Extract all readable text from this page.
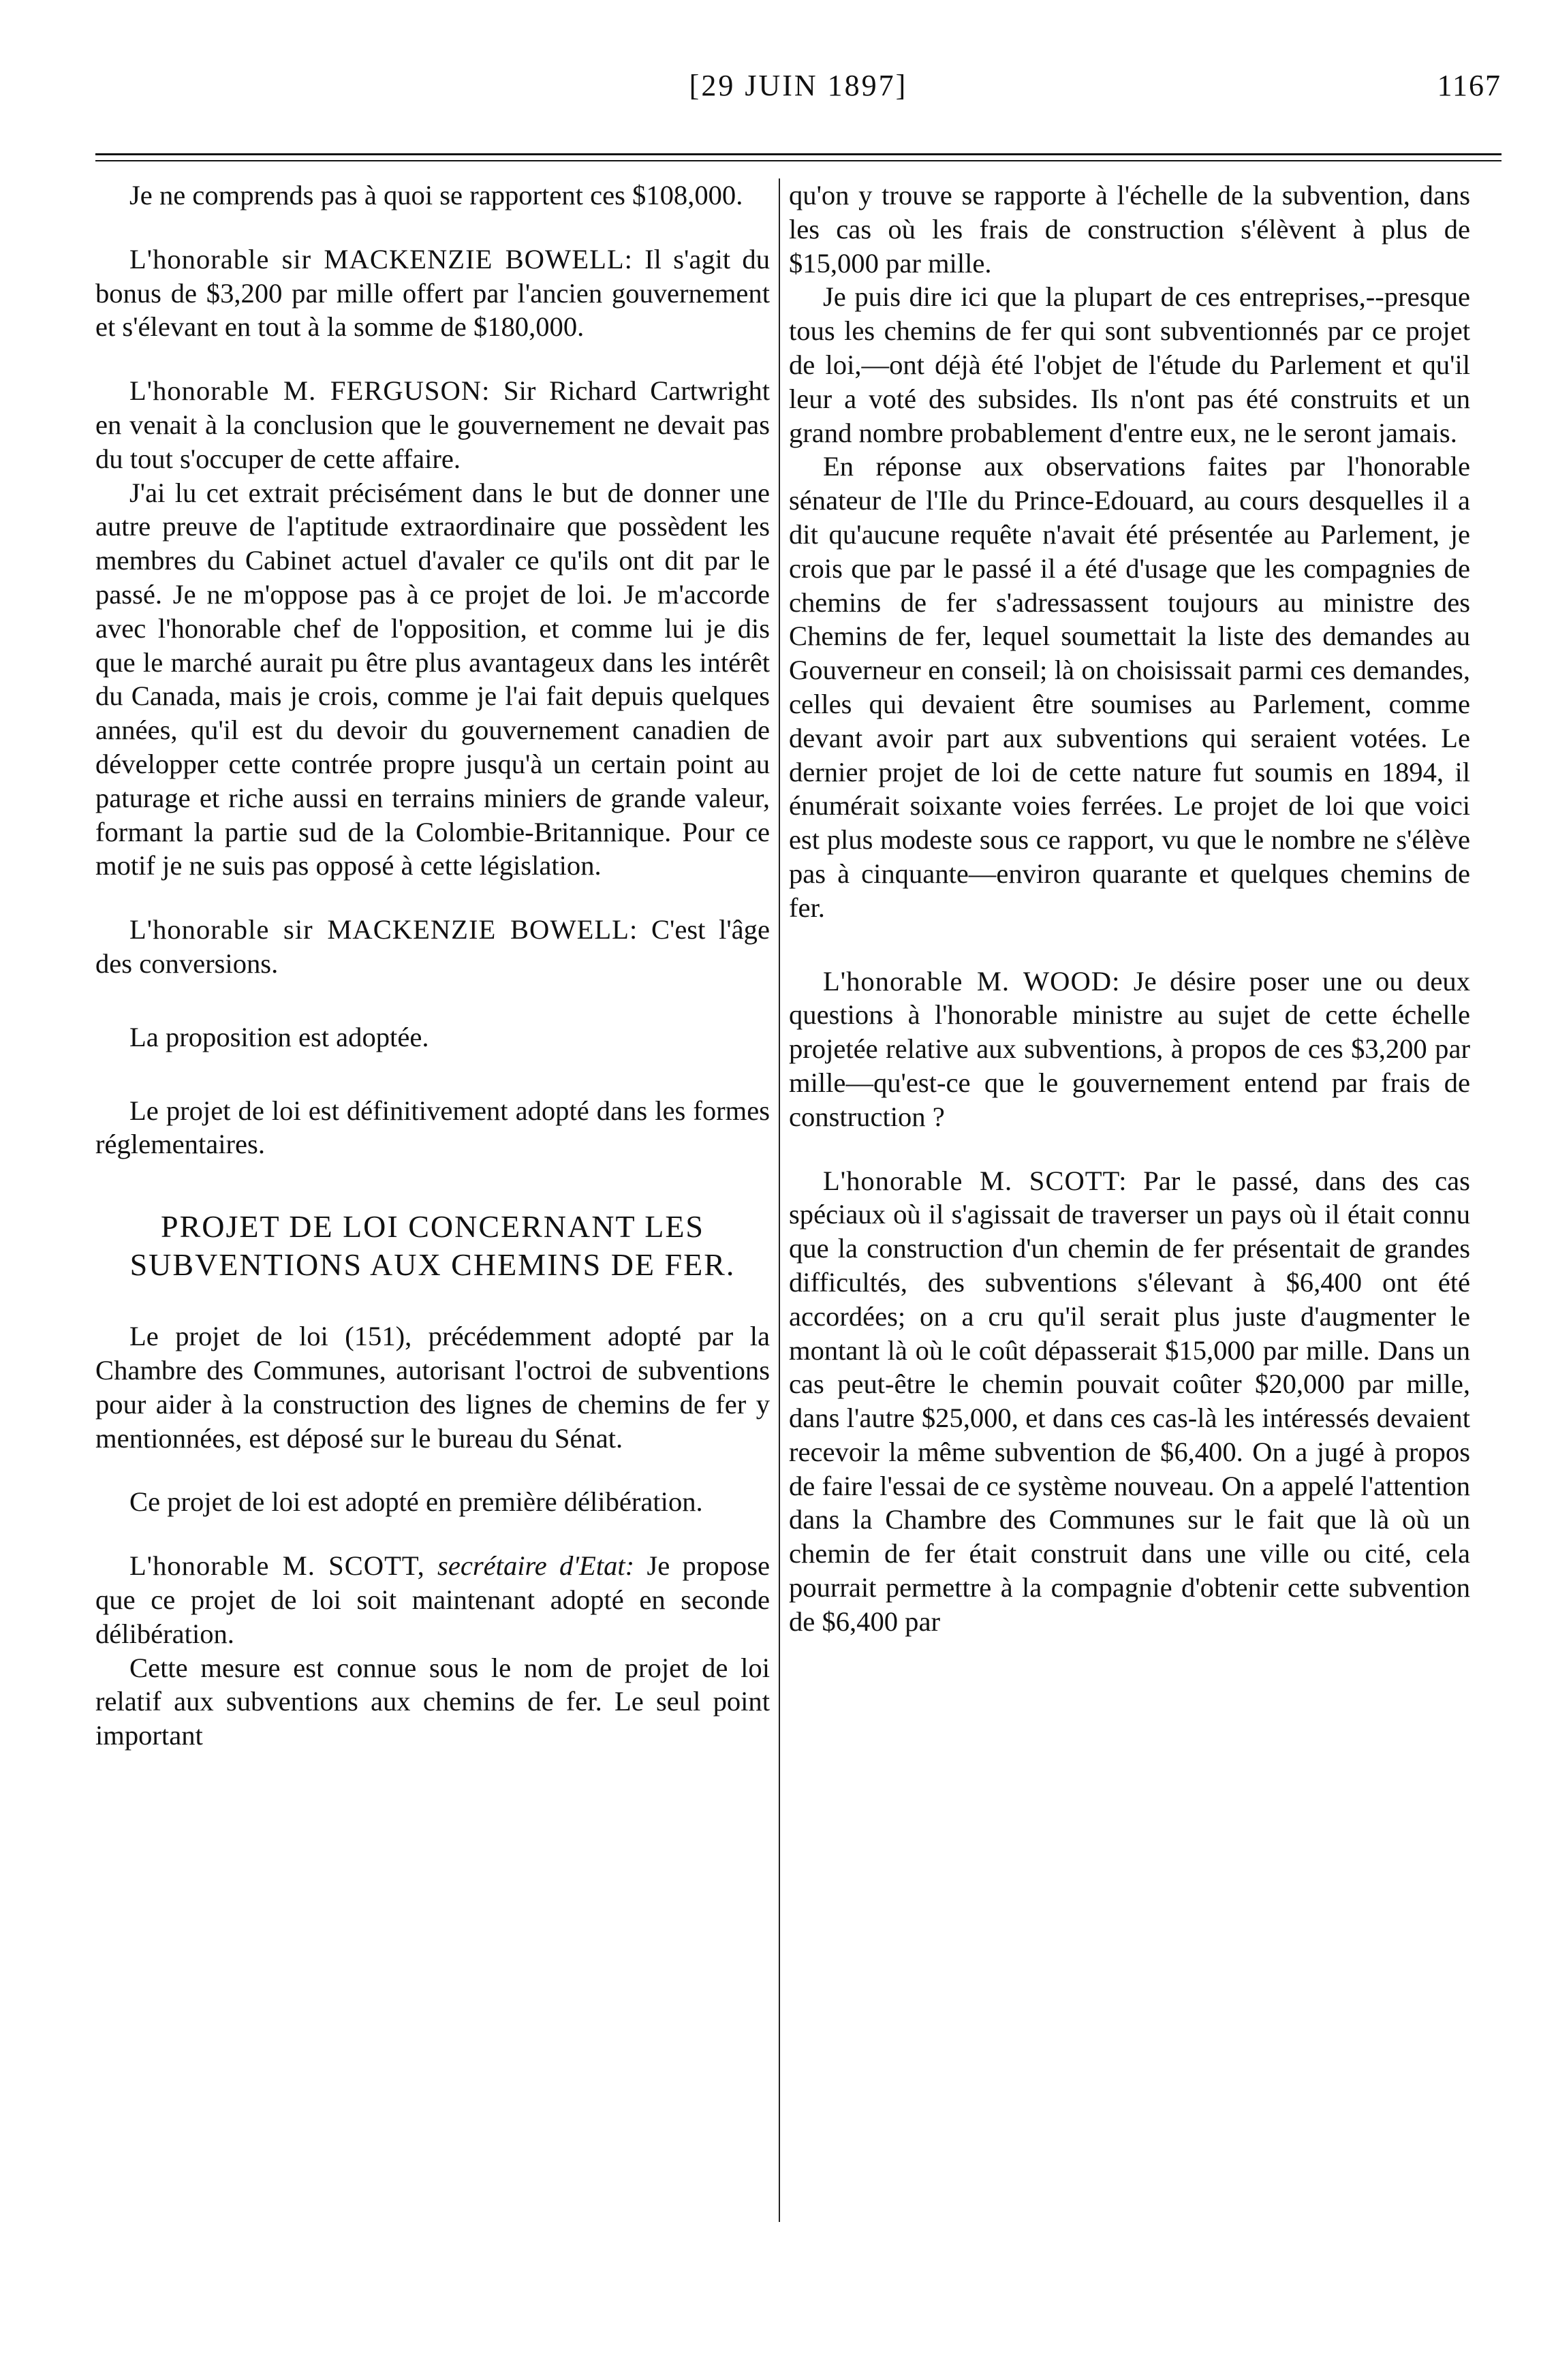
[29 JUIN 1897]	1167

Je ne comprends pas à quoi se rapportent ces $108,000.

L'honorable sir MACKENZIE BOWELL: Il s'agit du bonus de $3,200 par mille offert par l'ancien gouvernement et s'élevant en tout à la somme de $180,000.

L'honorable M. FERGUSON: Sir Richard Cartwright en venait à la conclusion que le gouvernement ne devait pas du tout s'occuper de cette affaire.

J'ai lu cet extrait précisément dans le but de donner une autre preuve de l'aptitude extraordinaire que possèdent les membres du Cabinet actuel d'avaler ce qu'ils ont dit par le passé. Je ne m'oppose pas à ce projet de loi. Je m'accorde avec l'honorable chef de l'opposition, et comme lui je dis que le marché aurait pu être plus avantageux dans les intérêt du Canada, mais je crois, comme je l'ai fait depuis quelques années, qu'il est du devoir du gouvernement canadien de développer cette contrée propre jusqu'à un certain point au paturage et riche aussi en terrains miniers de grande valeur, formant la partie sud de la Colombie-Britannique. Pour ce motif je ne suis pas opposé à cette législation.

L'honorable sir MACKENZIE BOWELL: C'est l'âge des conversions.

La proposition est adoptée.

Le projet de loi est définitivement adopté dans les formes réglementaires.

PROJET DE LOI CONCERNANT LES SUBVENTIONS AUX CHEMINS DE FER.

Le projet de loi (151), précédemment adopté par la Chambre des Communes, autorisant l'octroi de subventions pour aider à la construction des lignes de chemins de fer y mentionnées, est déposé sur le bureau du Sénat.

Ce projet de loi est adopté en première délibération.

L'honorable M. SCOTT, secrétaire d'Etat: Je propose que ce projet de loi soit maintenant adopté en seconde délibération.

Cette mesure est connue sous le nom de projet de loi relatif aux subventions aux chemins de fer. Le seul point important

qu'on y trouve se rapporte à l'échelle de la subvention, dans les cas où les frais de construction s'élèvent à plus de $15,000 par mille.

Je puis dire ici que la plupart de ces entreprises,--presque tous les chemins de fer qui sont subventionnés par ce projet de loi,—ont déjà été l'objet de l'étude du Parlement et qu'il leur a voté des subsides. Ils n'ont pas été construits et un grand nombre probablement d'entre eux, ne le seront jamais.

En réponse aux observations faites par l'honorable sénateur de l'Ile du Prince-Edouard, au cours desquelles il a dit qu'aucune requête n'avait été présentée au Parlement, je crois que par le passé il a été d'usage que les compagnies de chemins de fer s'adressassent toujours au ministre des Chemins de fer, lequel soumettait la liste des demandes au Gouverneur en conseil; là on choisissait parmi ces demandes, celles qui devaient être soumises au Parlement, comme devant avoir part aux subventions qui seraient votées. Le dernier projet de loi de cette nature fut soumis en 1894, il énumérait soixante voies ferrées. Le projet de loi que voici est plus modeste sous ce rapport, vu que le nombre ne s'élève pas à cinquante—environ quarante et quelques chemins de fer.

L'honorable M. WOOD: Je désire poser une ou deux questions à l'honorable ministre au sujet de cette échelle projetée relative aux subventions, à propos de ces $3,200 par mille—qu'est-ce que le gouvernement entend par frais de construction ?

L'honorable M. SCOTT: Par le passé, dans des cas spéciaux où il s'agissait de traverser un pays où il était connu que la construction d'un chemin de fer présentait de grandes difficultés, des subventions s'élevant à $6,400 ont été accordées; on a cru qu'il serait plus juste d'augmenter le montant là où le coût dépasserait $15,000 par mille. Dans un cas peut-être le chemin pouvait coûter $20,000 par mille, dans l'autre $25,000, et dans ces cas-là les intéressés devaient recevoir la même subvention de $6,400. On a jugé à propos de faire l'essai de ce système nouveau. On a appelé l'attention dans la Chambre des Communes sur le fait que là où un chemin de fer était construit dans une ville ou cité, cela pourrait permettre à la compagnie d'obtenir cette subvention de $6,400 par
